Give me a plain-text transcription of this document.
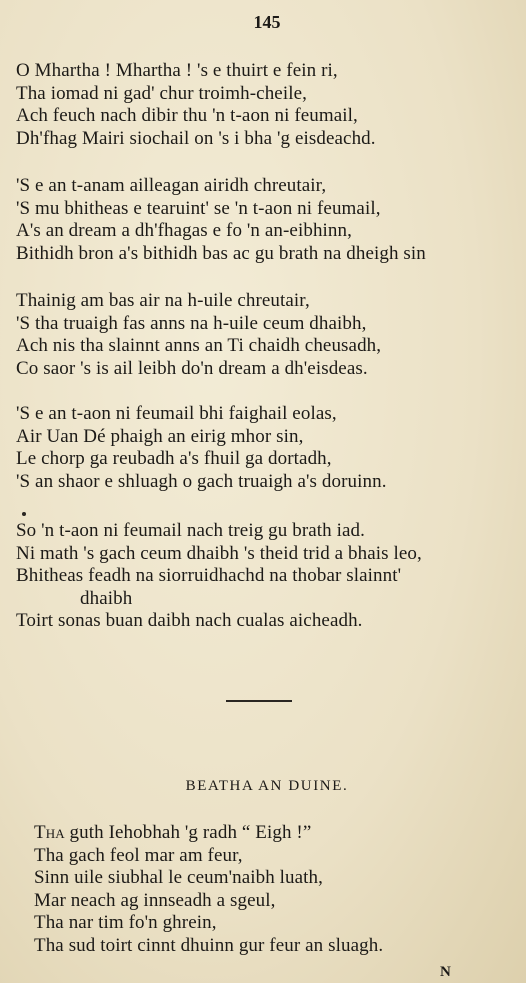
145
O Mhartha ! Mhartha ! 's e thuirt e fein ri,
Tha iomad ni gad' chur troimh-cheile,
Ach feuch nach dibir thu 'n t-aon ni feumail,
Dh'fhag Mairi siochail on 's i bha 'g eisdeachd.
'S e an t-anam ailleagan airidh chreutair,
'S mu bhitheas e tearuint' se 'n t-aon ni feumail,
A's an dream a dh'fhagas e fo 'n an-eibhinn,
Bithidh bron a's bithidh bas ac gu brath na dheigh sin
Thainig am bas air na h-uile chreutair,
'S tha truaigh fas anns na h-uile ceum dhaibh,
Ach nis tha slainnt anns an Ti chaidh cheusadh,
Co saor 's is ail leibh do'n dream a dh'eisdeas.
'S e an t-aon ni feumail bhi faighail eolas,
Air Uan Dé phaigh an eirig mhor sin,
Le chorp ga reubadh a's fhuil ga dortadh,
'S an shaor e shluagh o gach truaigh a's doruinn.
So 'n t-aon ni feumail nach treig gu brath iad.
Ni math 's gach ceum dhaibh 's theid trid a bhais leo,
Bhitheas feadh na siorruidhachd na thobar slainnt'
dhaibh
Toirt sonas buan daibh nach cualas aicheadh.
BEATHA AN DUINE.
Tha guth Iehobhah 'g radh “ Eigh !”
Tha gach feol mar am feur,
Sinn uile siubhal le ceum'naibh luath,
Mar neach ag innseadh a sgeul,
Tha nar tim fo'n ghrein,
Tha sud toirt cinnt dhuinn gur feur an sluagh.
N
